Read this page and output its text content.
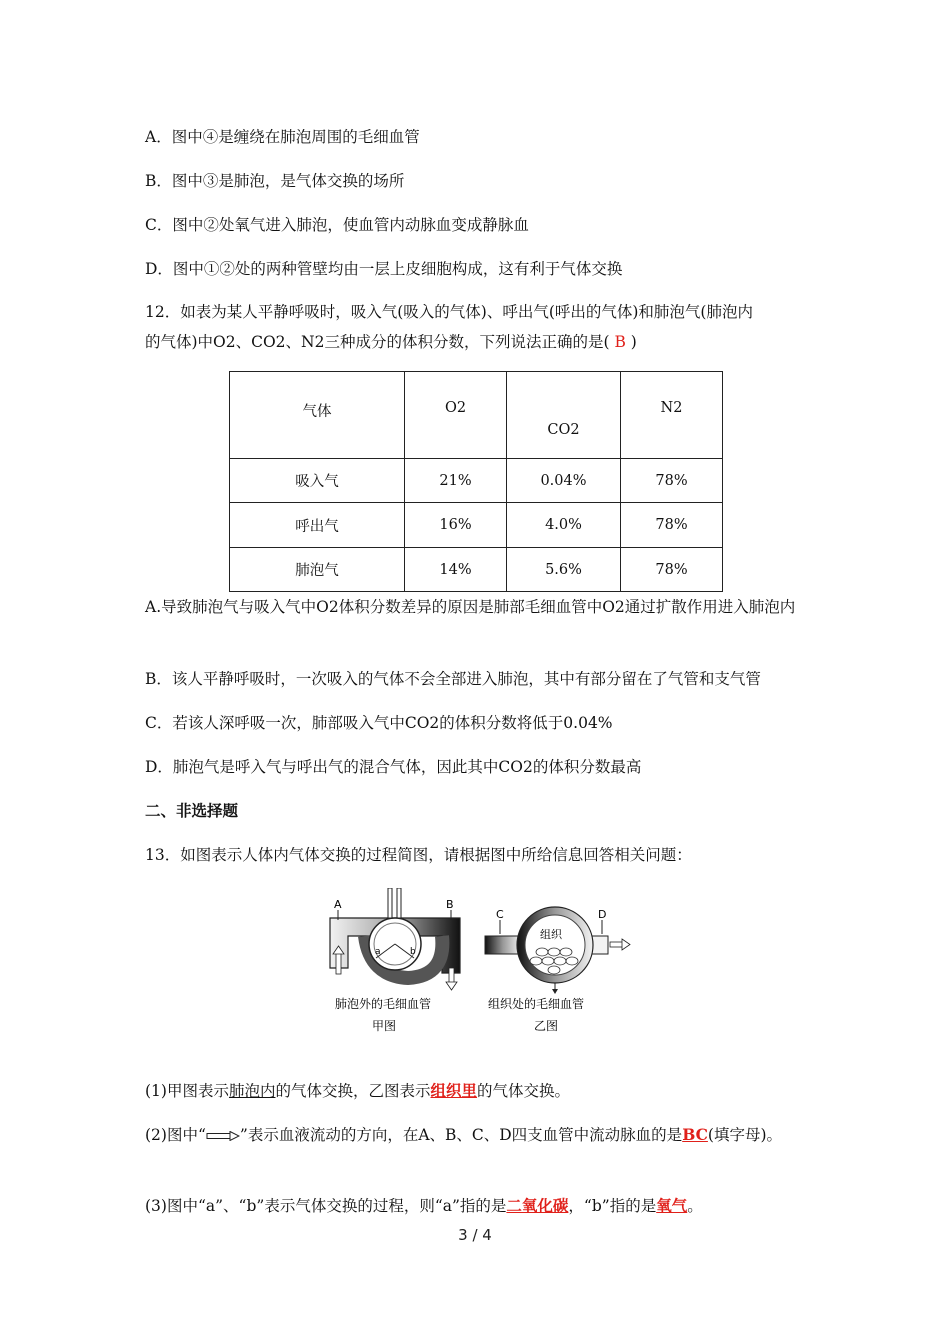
A．图中④是缠绕在肺泡周围的毛细血管
B．图中③是肺泡，是气体交换的场所
C．图中②处氧气进入肺泡，使血管内动脉血变成静脉血
D．图中①②处的两种管壁均由一层上皮细胞构成，这有利于气体交换
12．如表为某人平静呼吸时，吸入气(吸入的气体)、呼出气(呼出的气体)和肺泡气(肺泡内
的气体)中O2、CO2、N2三种成分的体积分数，下列说法正确的是( B )
气体	O2	CO2	N2
吸入气	21%	0.04%	78%
呼出气	16%	4.0%	78%
肺泡气	14%	5.6%	78%
A.导致肺泡气与吸入气中O2体积分数差异的原因是肺部毛细血管中O2通过扩散作用进入肺泡内
B．该人平静呼吸时，一次吸入的气体不会全部进入肺泡，其中有部分留在了气管和支气管
C．若该人深呼吸一次，肺部吸入气中CO2的体积分数将低于0.04%
D．肺泡气是呼入气与呼出气的混合气体，因此其中CO2的体积分数最高
二、非选择题
13．如图表示人体内气体交换的过程简图，请根据图中所给信息回答相关问题：
a	b
A	B
肺泡外的毛细血管
甲图
组织
C	D
组织处的毛细血管
乙图
(1)甲图表示肺泡内的气体交换，乙图表示组织里的气体交换。
(2)图中“ ”表示血液流动的方向，在A、B、C、D四支血管中流动脉血的是BC(填字母)。
(3)图中“a”、“b”表示气体交换的过程，则“a”指的是二氧化碳，“b”指的是氧气。
3 / 4
